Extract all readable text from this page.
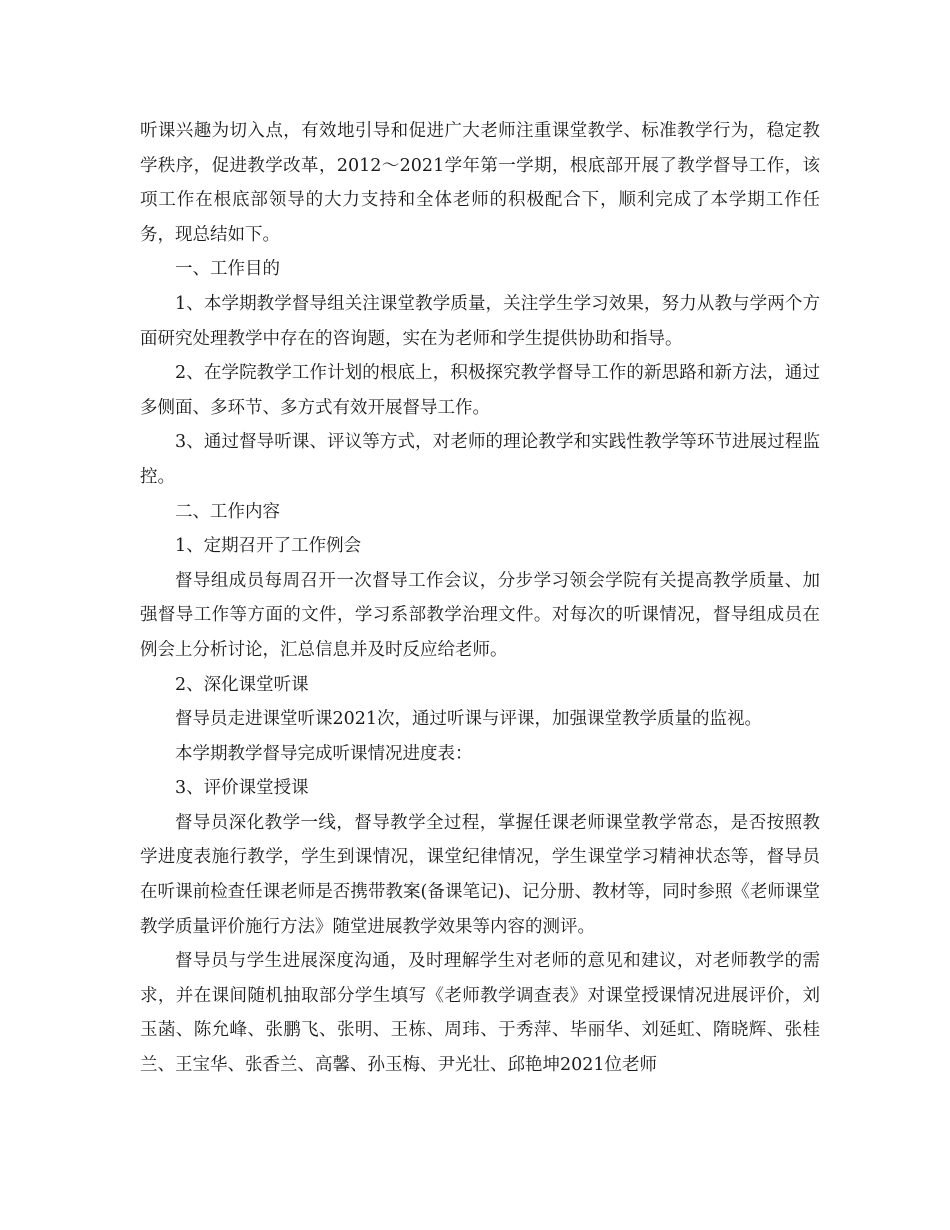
听课兴趣为切入点，有效地引导和促进广大老师注重课堂教学、标准教学行为，稳定教学秩序，促进教学改革，2012～2021学年第一学期，根底部开展了教学督导工作，该项工作在根底部领导的大力支持和全体老师的积极配合下，顺利完成了本学期工作任务，现总结如下。

一、工作目的

1、本学期教学督导组关注课堂教学质量，关注学生学习效果，努力从教与学两个方面研究处理教学中存在的咨询题，实在为老师和学生提供协助和指导。

2、在学院教学工作计划的根底上，积极探究教学督导工作的新思路和新方法，通过多侧面、多环节、多方式有效开展督导工作。

3、通过督导听课、评议等方式，对老师的理论教学和实践性教学等环节进展过程监控。

二、工作内容

1、定期召开了工作例会

督导组成员每周召开一次督导工作会议，分步学习领会学院有关提高教学质量、加强督导工作等方面的文件，学习系部教学治理文件。对每次的听课情况，督导组成员在例会上分析讨论，汇总信息并及时反应给老师。

2、深化课堂听课

督导员走进课堂听课2021次，通过听课与评课，加强课堂教学质量的监视。

本学期教学督导完成听课情况进度表：

3、评价课堂授课

督导员深化教学一线，督导教学全过程，掌握任课老师课堂教学常态，是否按照教学进度表施行教学，学生到课情况，课堂纪律情况，学生课堂学习精神状态等，督导员在听课前检查任课老师是否携带教案(备课笔记)、记分册、教材等，同时参照《老师课堂教学质量评价施行方法》随堂进展教学效果等内容的测评。

督导员与学生进展深度沟通，及时理解学生对老师的意见和建议，对老师教学的需求，并在课间随机抽取部分学生填写《老师教学调查表》对课堂授课情况进展评价，刘玉菡、陈允峰、张鹏飞、张明、王栋、周玮、于秀萍、毕丽华、刘延虹、隋晓辉、张桂兰、王宝华、张香兰、高馨、孙玉梅、尹光壮、邱艳坤2021位老师
